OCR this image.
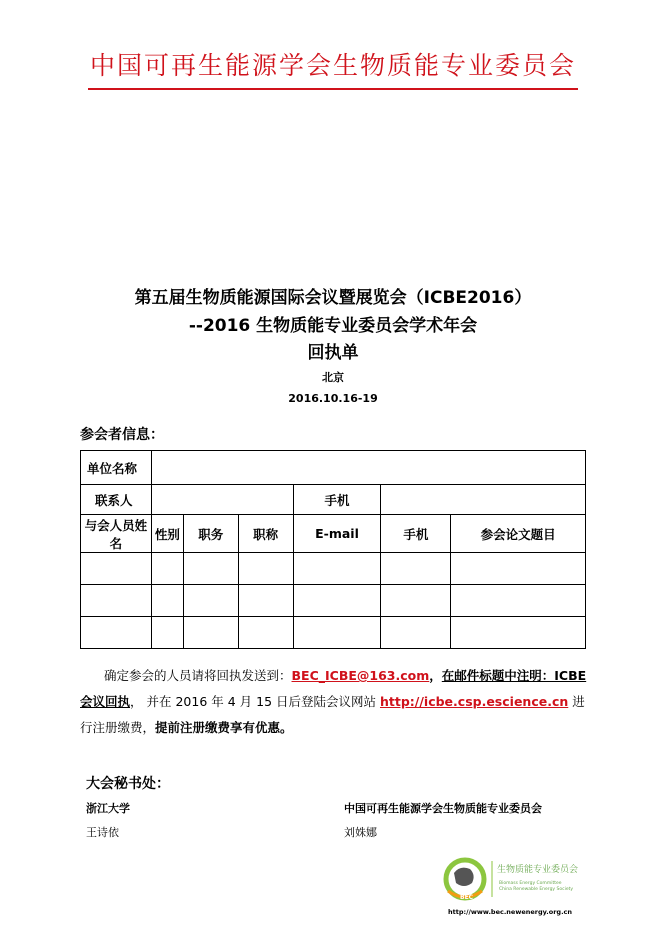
中国可再生能源学会生物质能专业委员会
第五届生物质能源国际会议暨展览会（ICBE2016）
--2016 生物质能专业委员会学术年会
回执单
北京
2016.10.16-19
参会者信息：
单位名称						
联系人				手机		
与会人员姓名	性别	职务	职称	E-mail	手机	参会论文题目

确定参会的人员请将回执发送到：BEC_ICBE@163.com，在邮件标题中注明：ICBE 会议回执， 并在 2016 年 4 月 15 日后登陆会议网站 http://icbe.csp.escience.cn 进行注册缴费，提前注册缴费享有优惠。
大会秘书处：
浙江大学
王诗依
中国可再生能源学会生物质能专业委员会
刘姝娜
BEC
生物质能专业委员会
Biomass Energy Committee
China Renewable Energy Society
http://www.bec.newenergy.org.cn
